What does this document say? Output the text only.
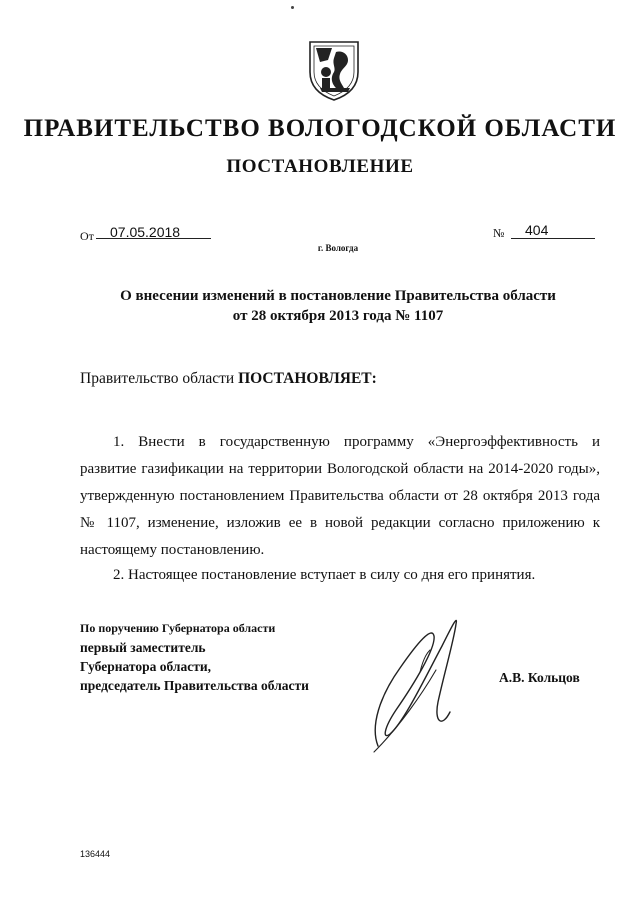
ПРАВИТЕЛЬСТВО ВОЛОГОДСКОЙ ОБЛАСТИ
ПОСТАНОВЛЕНИЕ
От 07.05.2018	№ 404
г. Вологда
О внесении изменений в постановление Правительства области
от 28 октября 2013 года № 1107
Правительство области ПОСТАНОВЛЯЕТ:
1. Внести в государственную программу «Энергоэффективность и
развитие газификации на территории Вологодской области на 2014-2020 годы»,
утвержденную постановлением Правительства области от 28 октября 2013 года
№ 1107, изменение, изложив ее в новой редакции согласно приложению к
настоящему постановлению.
2. Настоящее постановление вступает в силу со дня его принятия.
По поручению Губернатора области
первый заместитель
Губернатора области,
председатель Правительства области
А.В. Кольцов
136444
